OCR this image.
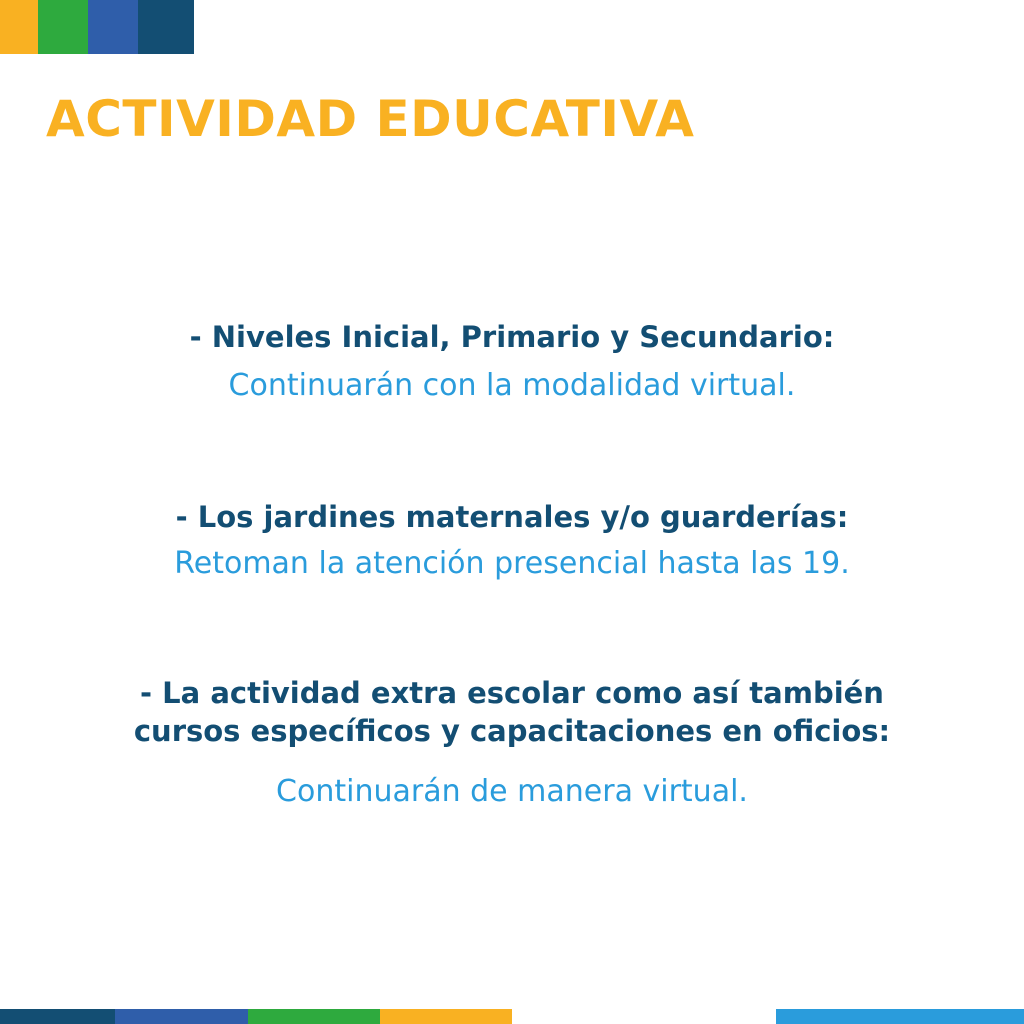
ACTIVIDAD EDUCATIVA

- Niveles Inicial, Primario y Secundario:

Continuarán con la modalidad virtual.

- Los jardines maternales y/o guarderías:

Retoman la atención presencial hasta las 19.

- La actividad extra escolar como así también

cursos específicos y capacitaciones en oficios:

Continuarán de manera virtual.
